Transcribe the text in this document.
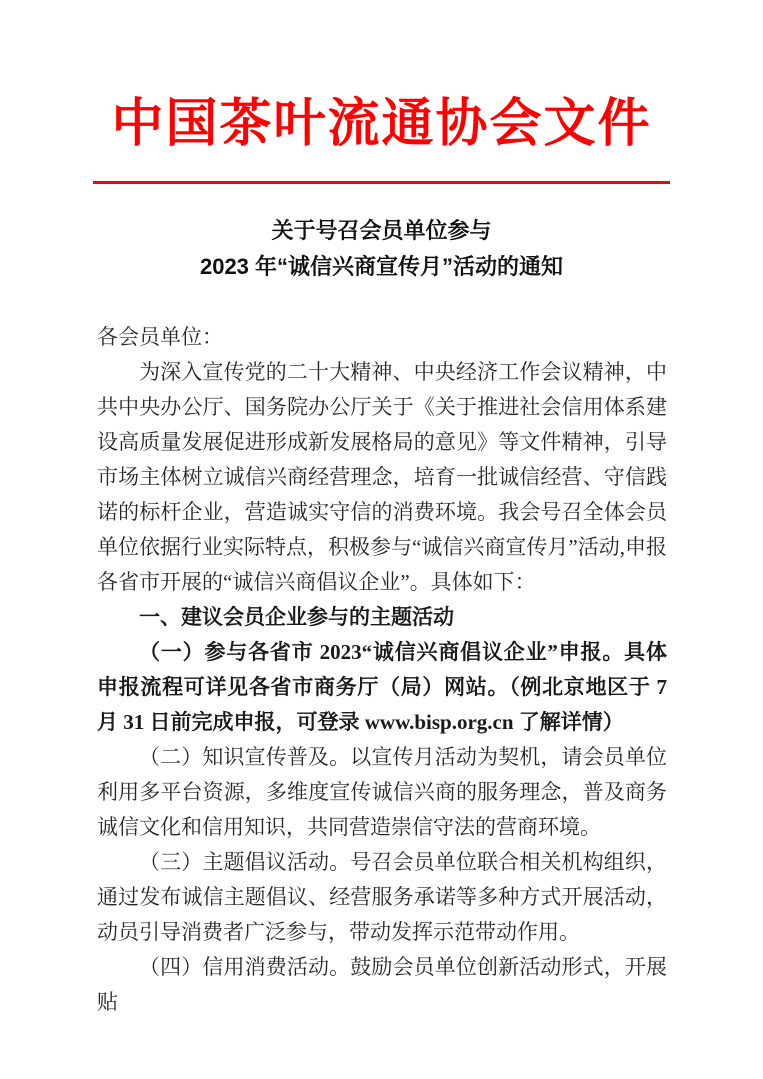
中国茶叶流通协会文件
关于号召会员单位参与
2023 年“诚信兴商宣传月”活动的通知

各会员单位：

为深入宣传党的二十大精神、中央经济工作会议精神，中共中央办公厅、国务院办公厅关于《关于推进社会信用体系建设高质量发展促进形成新发展格局的意见》等文件精神，引导市场主体树立诚信兴商经营理念，培育一批诚信经营、守信践诺的标杆企业，营造诚实守信的消费环境。我会号召全体会员单位依据行业实际特点，积极参与“诚信兴商宣传月”活动,申报各省市开展的“诚信兴商倡议企业”。具体如下：

一、建议会员企业参与的主题活动

（一）参与各省市 2023“诚信兴商倡议企业”申报。具体申报流程可详见各省市商务厅（局）网站。（例北京地区于 7 月 31 日前完成申报，可登录 www.bisp.org.cn 了解详情）

（二）知识宣传普及。以宣传月活动为契机，请会员单位利用多平台资源，多维度宣传诚信兴商的服务理念，普及商务诚信文化和信用知识，共同营造崇信守法的营商环境。

（三）主题倡议活动。号召会员单位联合相关机构组织，通过发布诚信主题倡议、经营服务承诺等多种方式开展活动，动员引导消费者广泛参与，带动发挥示范带动作用。

（四）信用消费活动。鼓励会员单位创新活动形式，开展贴
